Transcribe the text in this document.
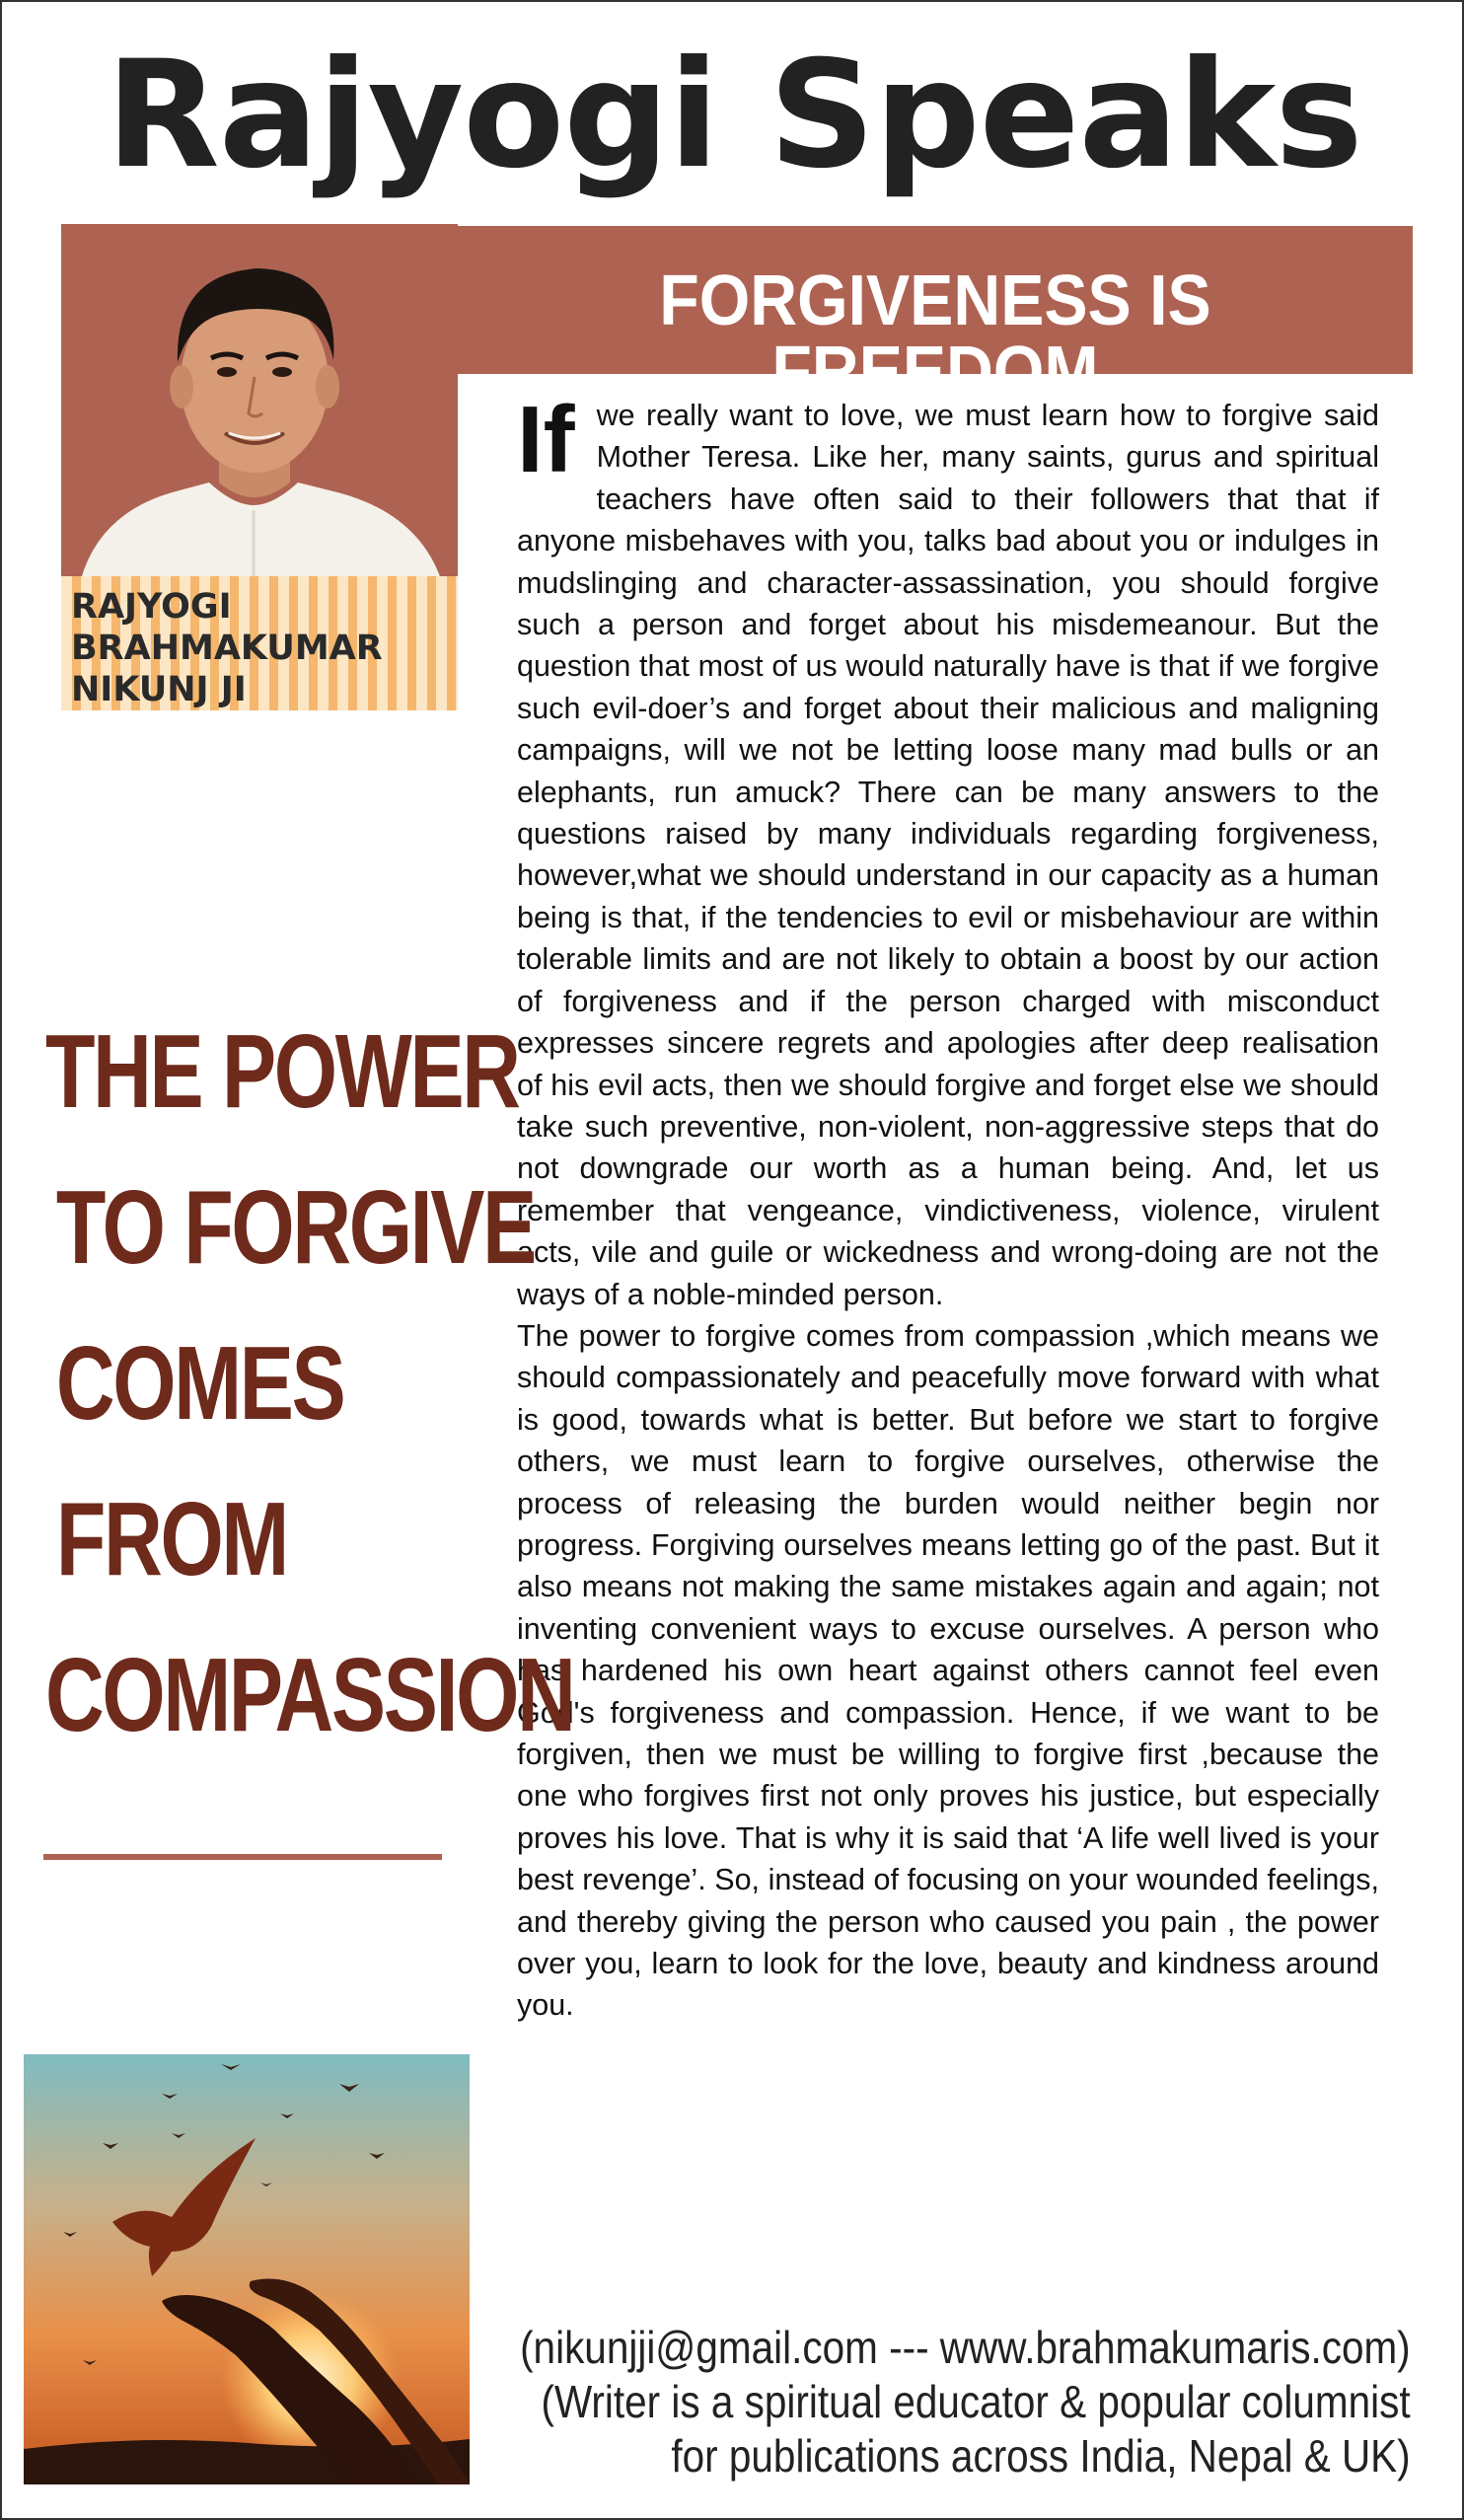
Rajyogi Speaks
RAJYOGI
BRAHMAKUMAR
NIKUNJ JI
FORGIVENESS IS FREEDOM

If we really want to love, we must learn how to forgive said Mother Teresa. Like her, many saints, gurus and spiritual teachers have often said to their followers that that if anyone misbehaves with you, talks bad about you or indulges in mudslinging and character-assassination, you should forgive such a person and forget about his misdemeanour. But the question that most of us would naturally have is that if we forgive such evil-doer’s and forget about their malicious and maligning campaigns, will we not be letting loose many mad bulls or an elephants, run amuck? There can be many answers to the questions raised by many individuals regarding forgiveness, however,what we should understand in our capacity as a human being is that, if the tendencies to evil or misbehaviour are within tolerable limits and are not likely to obtain a boost by our action of forgiveness and if the person charged with misconduct expresses sincere regrets and apologies after deep realisation of his evil acts, then we should forgive and forget else we should take such preventive, non-violent, non-aggressive steps that do not downgrade our worth as a human being. And, let us remember that vengeance, vindictiveness, violence, virulent acts, vile and guile or wickedness and wrong-doing are not the ways of a noble-minded person.

The power to forgive comes from compassion ,which means we should compassionately and peacefully move forward with what is good, towards what is better. But before we start to forgive others, we must learn to forgive ourselves, otherwise the process of releasing the burden would neither begin nor progress. Forgiving ourselves means letting go of the past. But it also means not making the same mistakes again and again; not inventing convenient ways to excuse ourselves. A person who has hardened his own heart against others cannot feel even God's forgiveness and compassion. Hence, if we want to be forgiven, then we must be willing to forgive first ,because the one who forgives first not only proves his justice, but especially proves his love. That is why it is said that ‘A life well lived is your best revenge’. So, instead of focusing on your wounded feelings, and thereby giving the person who caused you pain , the power over you, learn to look for the love, beauty and kindness around you.

THE POWER
TO FORGIVE
COMES
FROM
COMPASSION
(nikunjji@gmail.com --- www.brahmakumaris.com)
(Writer is a spiritual educator & popular columnist
for publications across India, Nepal & UK)
